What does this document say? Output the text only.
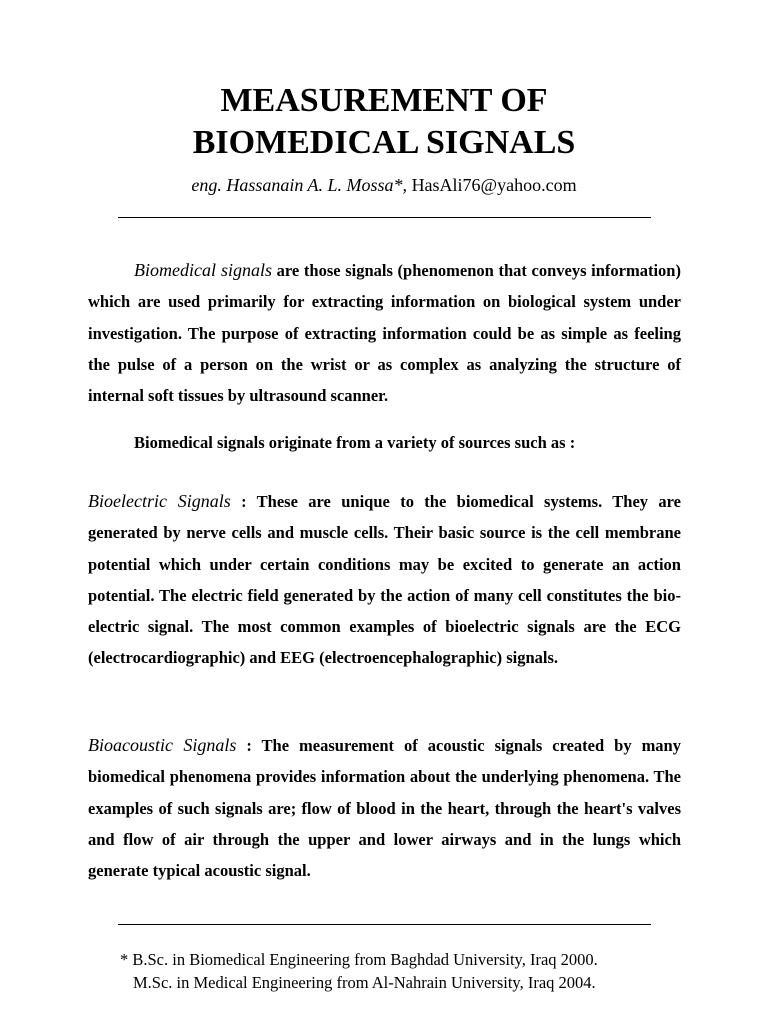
MEASUREMENT OF
BIOMEDICAL SIGNALS
eng. Hassanain A. L. Mossa*, HasAli76@yahoo.com

Biomedical signals are those signals (phenomenon that conveys information) which are used primarily for extracting information on biological system under investigation. The purpose of extracting information could be as simple as feeling the pulse of a person on the wrist or as complex as analyzing the structure of internal soft tissues by ultrasound scanner.

Biomedical signals originate from a variety of sources such as :

Bioelectric Signals : These are unique to the biomedical systems. They are generated by nerve cells and muscle cells. Their basic source is the cell membrane potential which under certain conditions may be excited to generate an action potential. The electric field generated by the action of many cell constitutes the bio-electric signal. The most common examples of bioelectric signals are the ECG (electrocardiographic) and EEG (electroencephalographic) signals.

Bioacoustic Signals : The measurement of acoustic signals created by many biomedical phenomena provides information about the underlying phenomena. The examples of such signals are; flow of blood in the heart, through the heart's valves and flow of air through the upper and lower airways and in the lungs which generate typical acoustic signal.

* B.Sc. in Biomedical Engineering from Baghdad University, Iraq 2000.
M.Sc. in Medical Engineering from Al-Nahrain University, Iraq 2004.
